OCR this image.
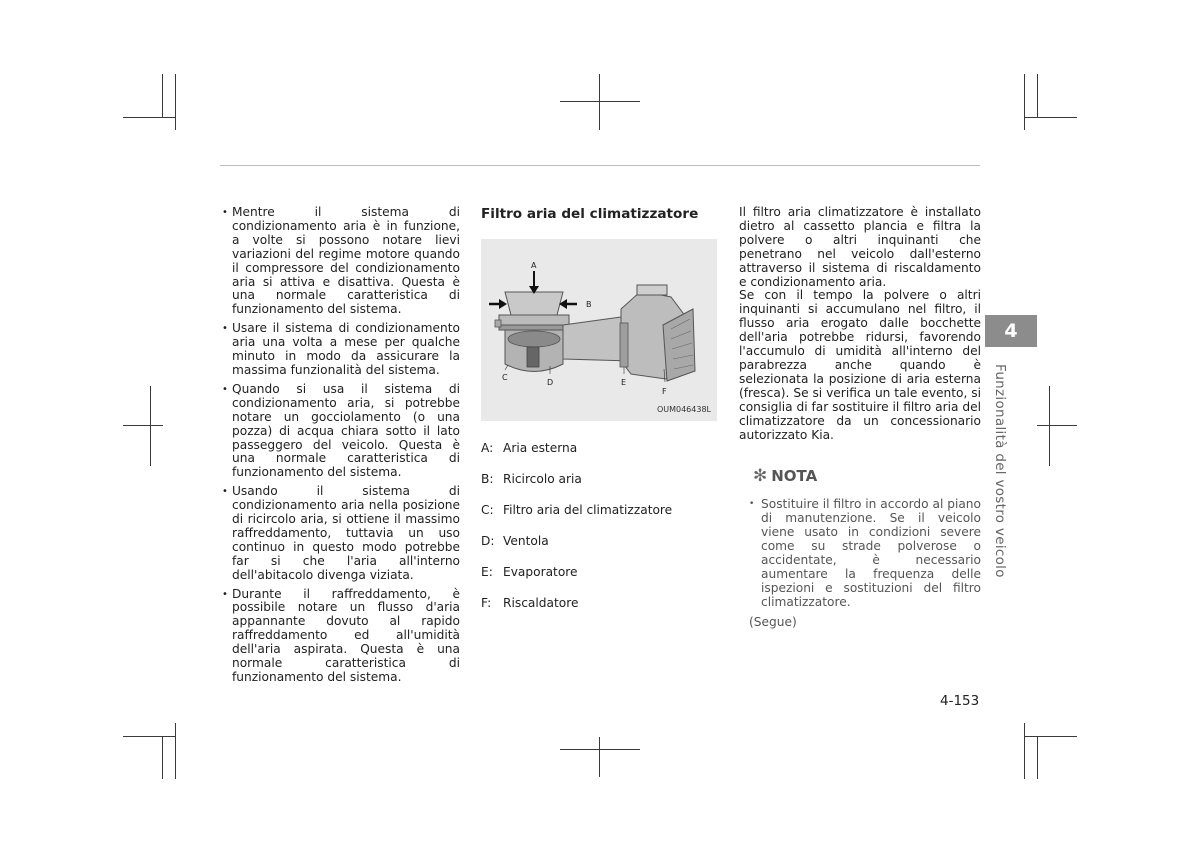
• Mentre il sistema di condizionamento aria è in funzione, a volte si possono notare lievi variazioni del regime motore quando il compressore del condizionamento aria si attiva e disattiva. Questa è una normale caratteristica di funzionamento del sistema.
• Usare il sistema di condizionamento aria una volta a mese per qualche minuto in modo da assicurare la massima funzionalità del sistema.
• Quando si usa il sistema di condizionamento aria, si potrebbe notare un gocciolamento (o una pozza) di acqua chiara sotto il lato passeggero del veicolo. Questa è una normale caratteristica di funzionamento del sistema.
• Usando il sistema di condizionamento aria nella posizione di ricircolo aria, si ottiene il massimo raffreddamento, tuttavia un uso continuo in questo modo potrebbe far si che l'aria all'interno dell'abitacolo divenga viziata.
• Durante il raffreddamento, è possibile notare un flusso d'aria appannante dovuto al rapido raffreddamento ed all'umidità dell'aria aspirata. Questa è una normale caratteristica di funzionamento del sistema.
Filtro aria del climatizzatore
A
B
C
D	E
F
OUM046438L
A: Aria esterna
B: Ricircolo aria
C: Filtro aria del climatizzatore
D: Ventola
E: Evaporatore
F: Riscaldatore

Il filtro aria climatizzatore è installato dietro al cassetto plancia e filtra la polvere o altri inquinanti che penetrano nel veicolo dall'esterno attraverso il sistema di riscaldamento e condizionamento aria.

Se con il tempo la polvere o altri inquinanti si accumulano nel filtro, il flusso aria erogato dalle bocchette dell'aria potrebbe ridursi, favorendo l'accumulo di umidità all'interno del parabrezza anche quando è selezionata la posizione di aria esterna (fresca). Se si verifica un tale evento, si consiglia di far sostituire il filtro aria del climatizzatore da un concessionario autorizzato Kia.

✻ NOTA
• Sostituire il filtro in accordo al piano di manutenzione. Se il veicolo viene usato in condizioni severe come su strade polverose o accidentate, è necessario aumentare la frequenza delle ispezioni e sostituzioni del filtro climatizzatore.
(Segue)
4
Funzionalità del vostro veicolo
4-153
